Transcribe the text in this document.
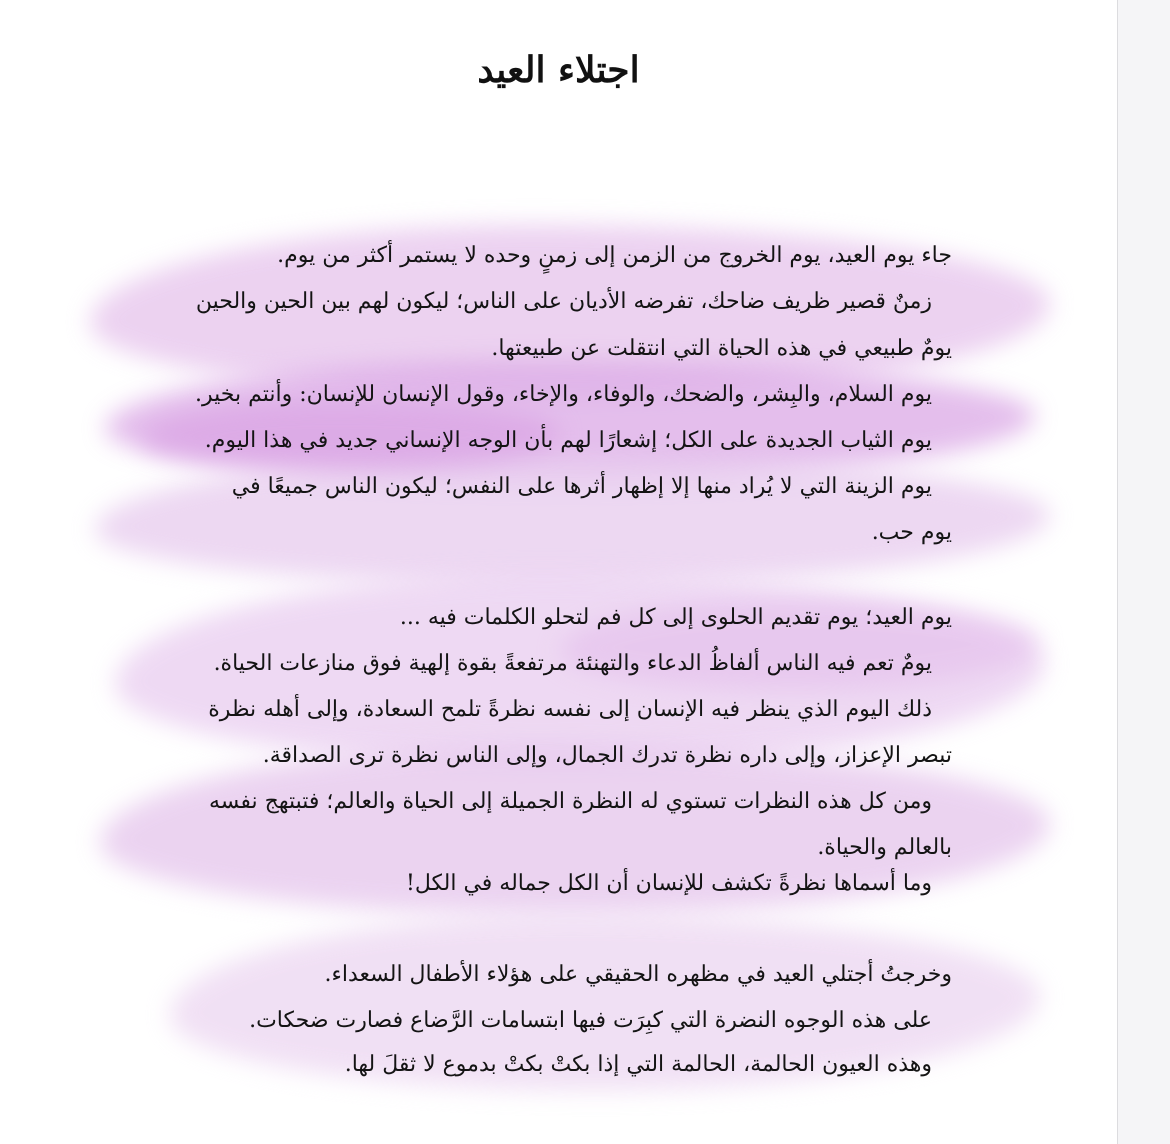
اجتلاء العيد

جاء يوم العيد، يوم الخروج من الزمن إلى زمنٍ وحده لا يستمر أكثر من يوم.

زمنٌ قصير ظريف ضاحك، تفرضه الأديان على الناس؛ ليكون لهم بين الحين والحين

يومٌ طبيعي في هذه الحياة التي انتقلت عن طبيعتها.

يوم السلام، والبِشر، والضحك، والوفاء، والإخاء، وقول الإنسان للإنسان: وأنتم بخير.

يوم الثياب الجديدة على الكل؛ إشعارًا لهم بأن الوجه الإنساني جديد في هذا اليوم.

يوم الزينة التي لا يُراد منها إلا إظهار أثرها على النفس؛ ليكون الناس جميعًا في

يوم حب.

يوم العيد؛ يوم تقديم الحلوى إلى كل فم لتحلو الكلمات فيه ...

يومٌ تعم فيه الناس ألفاظُ الدعاء والتهنئة مرتفعةً بقوة إلهية فوق منازعات الحياة.

ذلك اليوم الذي ينظر فيه الإنسان إلى نفسه نظرةً تلمح السعادة، وإلى أهله نظرة

تبصر الإعزاز، وإلى داره نظرة تدرك الجمال، وإلى الناس نظرة ترى الصداقة.

ومن كل هذه النظرات تستوي له النظرة الجميلة إلى الحياة والعالم؛ فتبتهج نفسه

بالعالم والحياة.

وما أسماها نظرةً تكشف للإنسان أن الكل جماله في الكل!

وخرجتُ أجتلي العيد في مظهره الحقيقي على هؤلاء الأطفال السعداء.

على هذه الوجوه النضرة التي كبِرَت فيها ابتسامات الرَّضاع فصارت ضحكات.

وهذه العيون الحالمة، الحالمة التي إذا بكتْ بكتْ بدموع لا ثقلَ لها.
